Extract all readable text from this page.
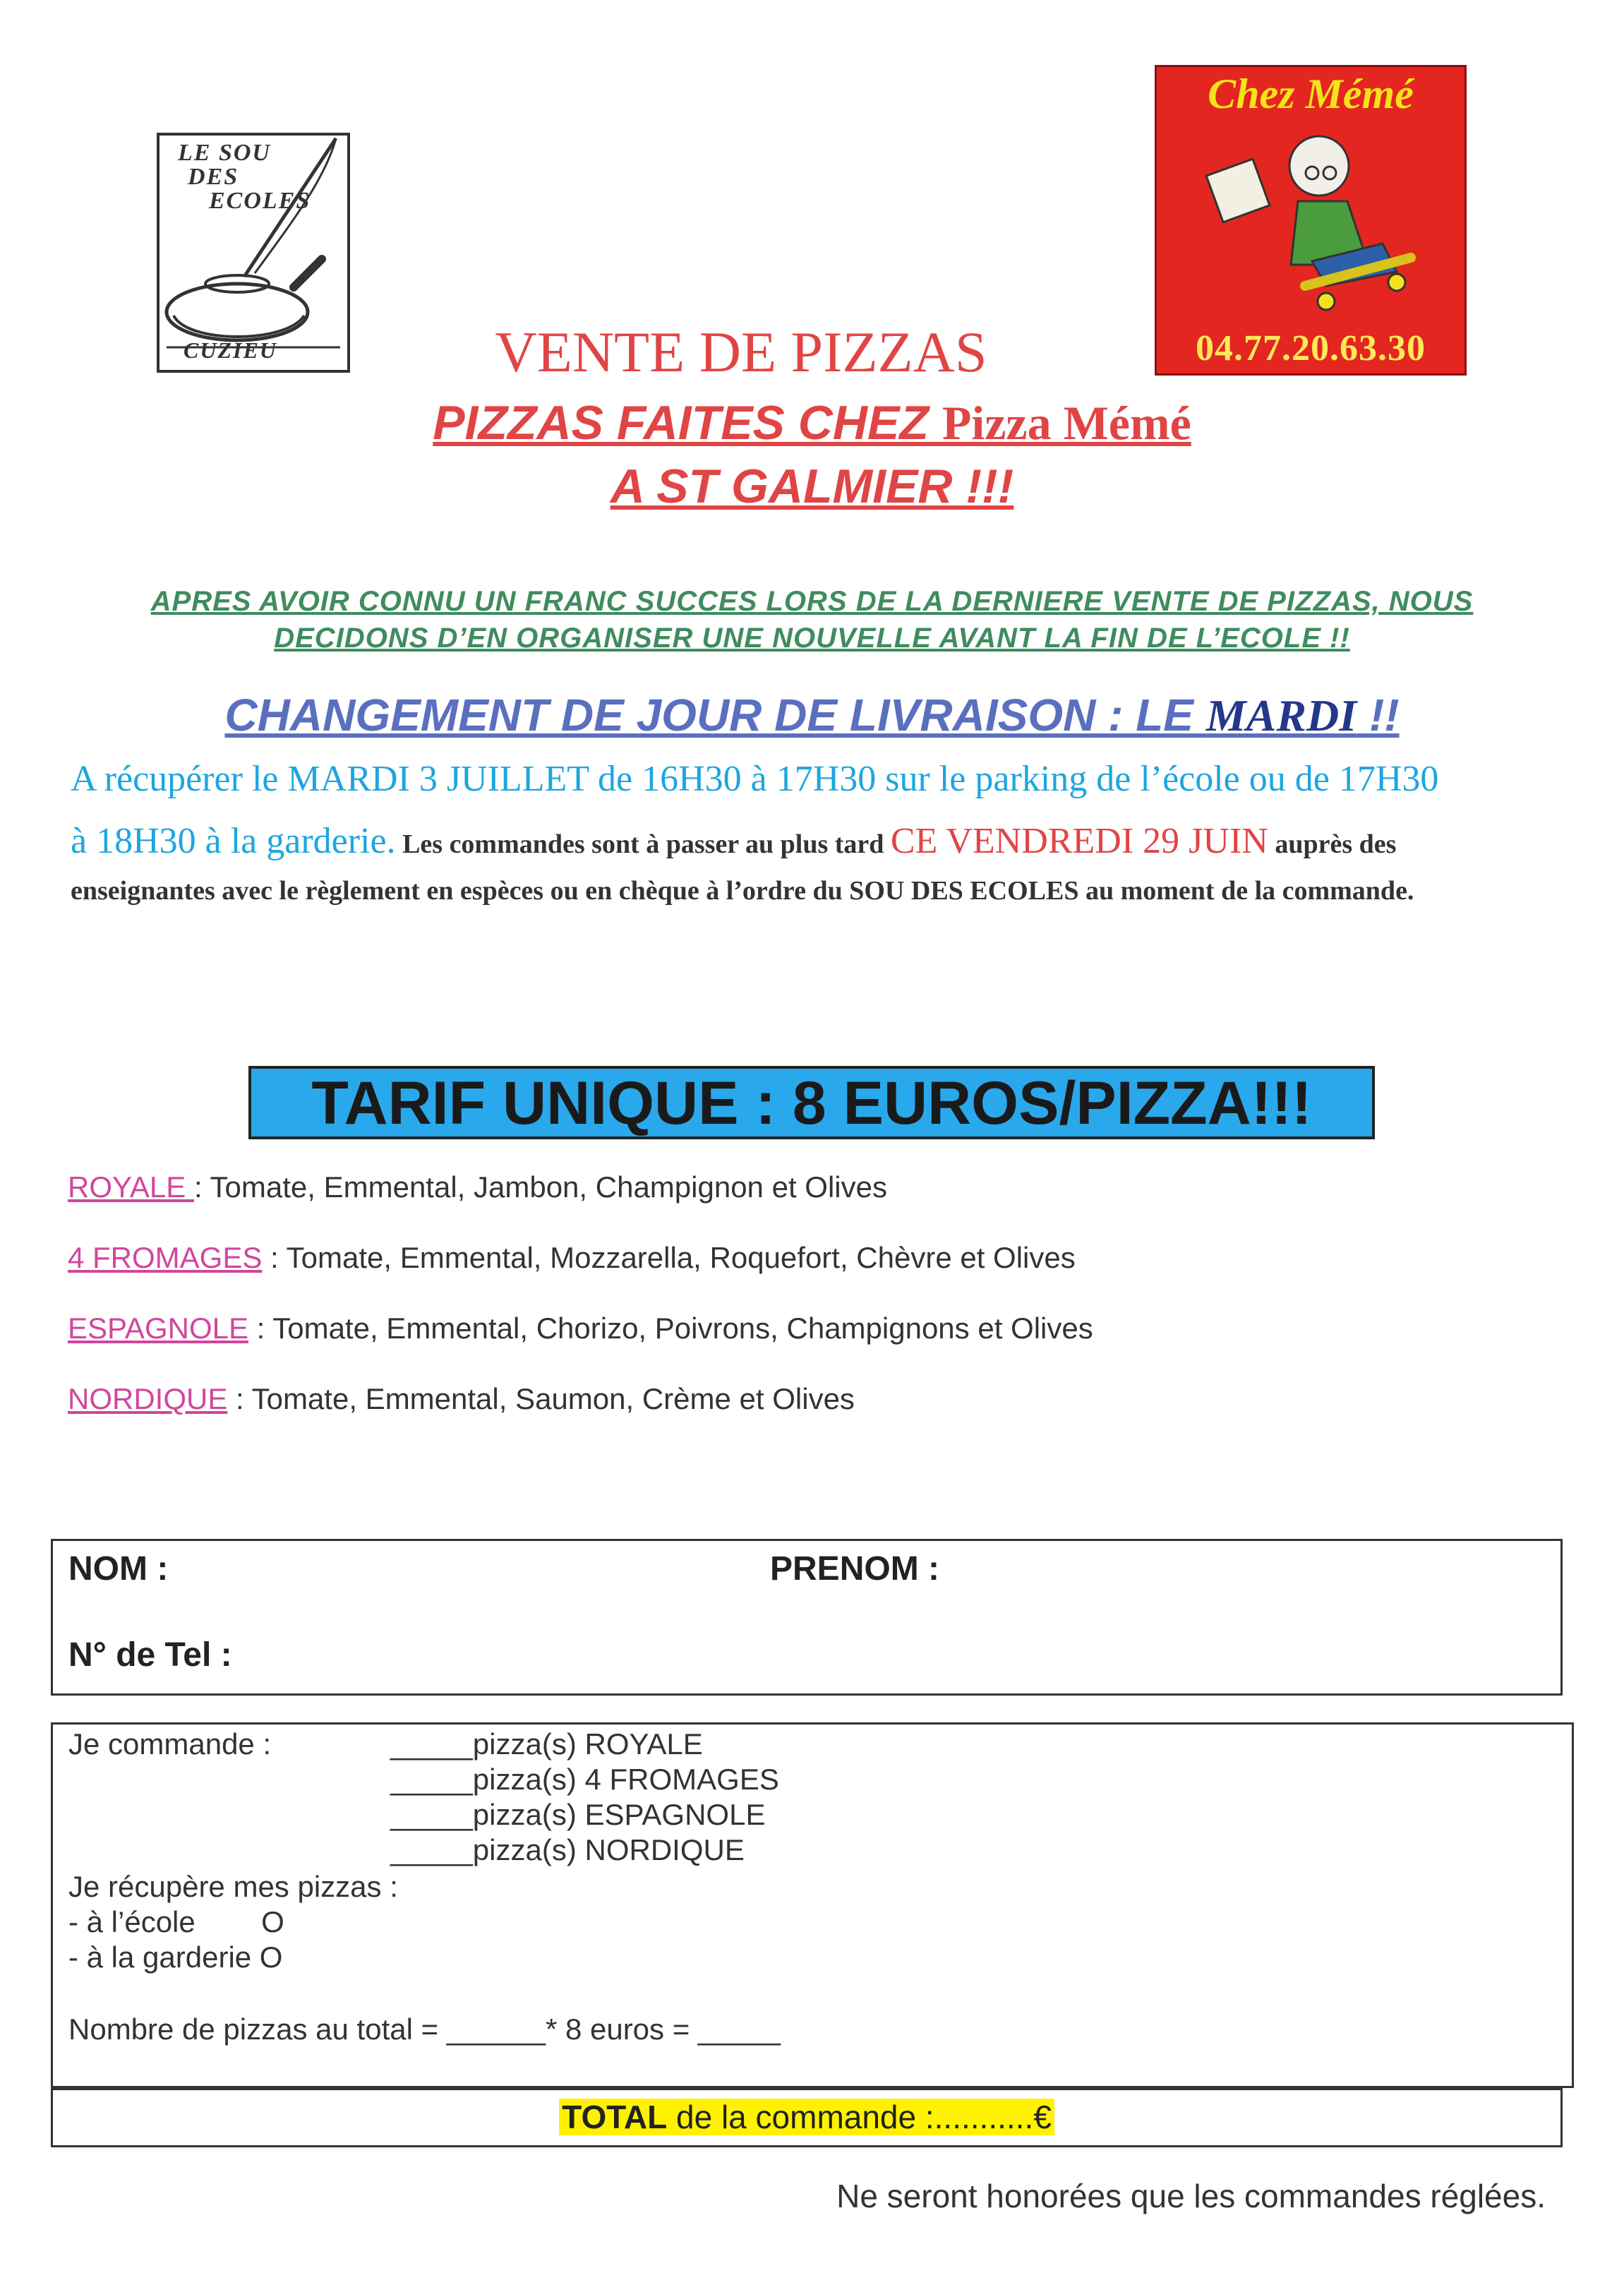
LE SOU
DES
ECOLES
CUZIEU
Chez Mémé
04.77.20.63.30
VENTE DE PIZZAS
PIZZAS FAITES CHEZ Pizza Mémé
A ST GALMIER !!!
APRES AVOIR CONNU UN FRANC SUCCES LORS DE LA DERNIERE VENTE DE PIZZAS, NOUS
DECIDONS D’EN ORGANISER UNE NOUVELLE AVANT LA FIN DE L’ECOLE !!
CHANGEMENT DE JOUR DE LIVRAISON : LE MARDI !!
A récupérer le MARDI 3 JUILLET de 16H30 à 17H30 sur le parking de l’école ou de 17H30
à 18H30 à la garderie. Les commandes sont à passer au plus tard CE VENDREDI 29 JUIN auprès des
enseignantes avec le règlement en espèces ou en chèque à l’ordre du SOU DES ECOLES au moment de la commande.
TARIF UNIQUE : 8 EUROS/PIZZA!!!
ROYALE : Tomate, Emmental, Jambon, Champignon et Olives
4 FROMAGES : Tomate, Emmental, Mozzarella, Roquefort, Chèvre et Olives
ESPAGNOLE : Tomate, Emmental, Chorizo, Poivrons, Champignons et Olives
NORDIQUE : Tomate, Emmental, Saumon, Crème et Olives
NOM :	PRENOM :
N° de Tel :
Je commande :	_____pizza(s) ROYALE
_____pizza(s) 4 FROMAGES
_____pizza(s) ESPAGNOLE
_____pizza(s) NORDIQUE
Je récupère mes pizzas :
- à l’école        O
- à la garderie O
Nombre de pizzas au total = ______* 8 euros = _____
TOTAL de la commande :...........€
Ne seront honorées que les commandes réglées.
